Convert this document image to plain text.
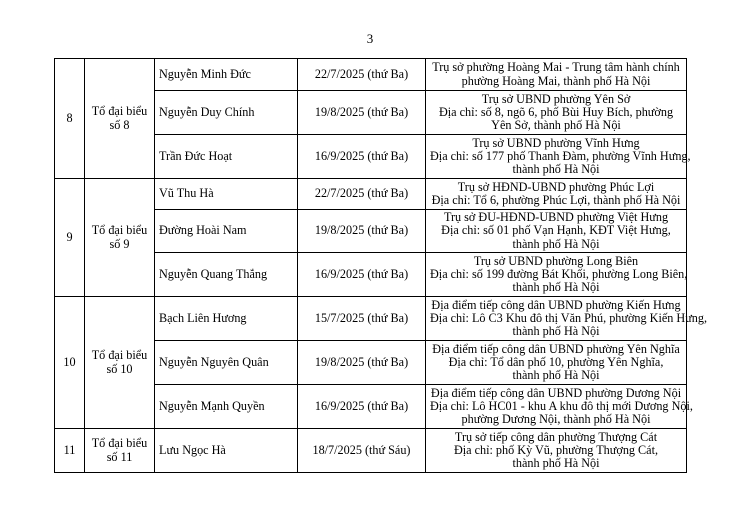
3
8	Tổ đại biểu số 8	Nguyễn Minh Đức	22/7/2025 (thứ Ba)	Trụ sở phường Hoàng Mai - Trung tâm hành chính
phường Hoàng Mai, thành phố Hà Nội

		Nguyễn Duy Chính	19/8/2025 (thứ Ba)	Trụ sở UBND phường Yên Sở
Địa chỉ: số 8, ngõ 6, phố Bùi Huy Bích, phường
Yên Sở, thành phố Hà Nội

		Trần Đức Hoạt	16/9/2025 (thứ Ba)	Trụ sở UBND phường Vĩnh Hưng
Địa chỉ: số 177 phố Thanh Đàm, phường Vĩnh Hưng,
thành phố Hà Nội

9	Tổ đại biểu số 9	Vũ Thu Hà	22/7/2025 (thứ Ba)	Trụ sở HĐND-UBND phường Phúc Lợi
Địa chỉ: Tổ 6, phường Phúc Lợi, thành phố Hà Nội

		Đường Hoài Nam	19/8/2025 (thứ Ba)	Trụ sở ĐU-HĐND-UBND phường Việt Hưng
Địa chỉ: số 01 phố Vạn Hạnh, KĐT Việt Hưng,
thành phố Hà Nội

		Nguyễn Quang Thắng	16/9/2025 (thứ Ba)	Trụ sở UBND phường Long Biên
Địa chỉ: số 199 đường Bát Khối, phường Long Biên,
thành phố Hà Nội

10	Tổ đại biểu số 10	Bạch Liên Hương	15/7/2025 (thứ Ba)	Địa điểm tiếp công dân UBND phường Kiến Hưng
Địa chỉ: Lô C3 Khu đô thị Văn Phú, phường Kiến Hưng,
thành phố Hà Nội

		Nguyễn Nguyên Quân	19/8/2025 (thứ Ba)	Địa điểm tiếp công dân UBND phường Yên Nghĩa
Địa chỉ: Tổ dân phố 10, phường Yên Nghĩa,
thành phố Hà Nội

		Nguyễn Mạnh Quyền	16/9/2025 (thứ Ba)	Địa điểm tiếp công dân UBND phường Dương Nội
Địa chỉ: Lô HC01 - khu A khu đô thị mới Dương Nội,
phường Dương Nội, thành phố Hà Nội

11	Tổ đại biểu số 11	Lưu Ngọc Hà	18/7/2025 (thứ Sáu)	Trụ sở tiếp công dân phường Thượng Cát
Địa chỉ: phố Kỳ Vũ, phường Thượng Cát,
thành phố Hà Nội
